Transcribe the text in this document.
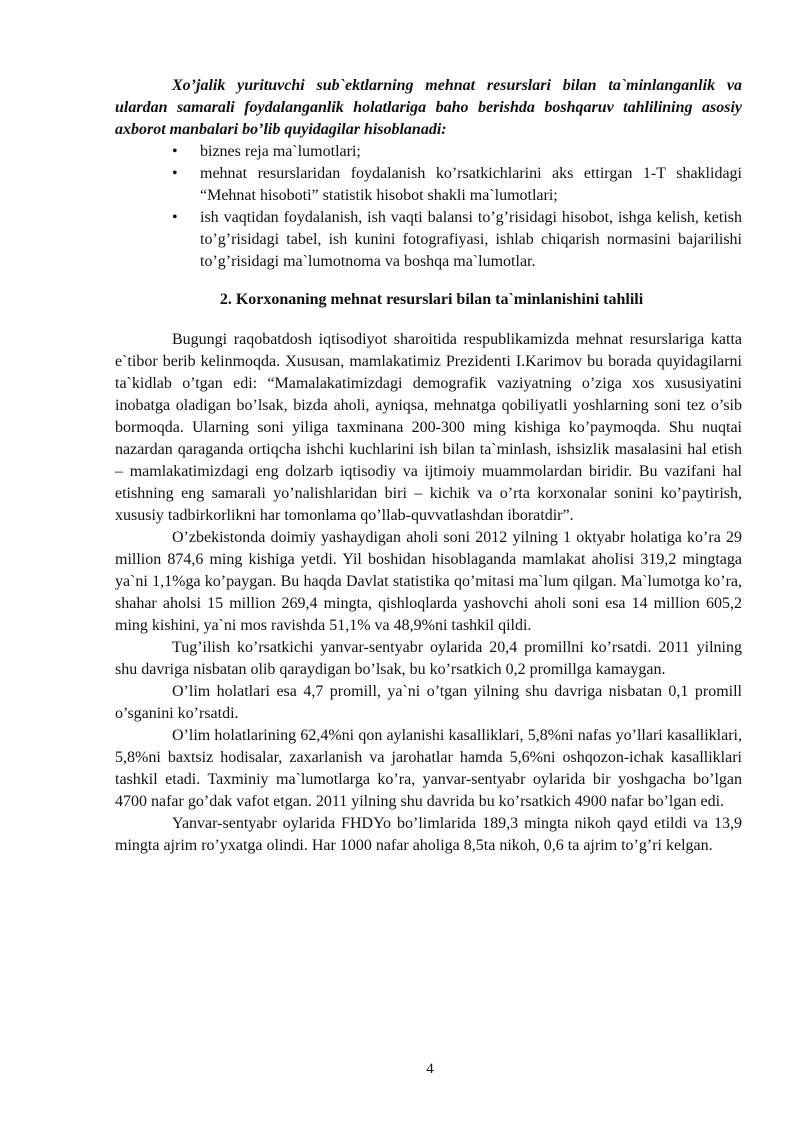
Xo’jalik yurituvchi sub`ektlarning mehnat resurslari bilan ta`minlanganlik va ulardan samarali foydalanganlik holatlariga baho berishda boshqaruv tahlilining asosiy axborot manbalari bo’lib quyidagilar hisoblanadi:

• biznes reja ma`lumotlari;
• mehnat resurslaridan foydalanish ko’rsatkichlarini aks ettirgan 1-T shaklidagi “Mehnat hisoboti” statistik hisobot shakli ma`lumotlari;
• ish vaqtidan foydalanish, ish vaqti balansi to’g’risidagi hisobot, ishga kelish, ketish to’g’risidagi tabel, ish kunini fotografiyasi, ishlab chiqarish normasini bajarilishi to’g’risidagi ma`lumotnoma va boshqa ma`lumotlar.
2. Korxonaning mehnat resurslari bilan ta`minlanishini tahlili

Bugungi raqobatdosh iqtisodiyot sharoitida respublikamizda mehnat resurslariga katta e`tibor berib kelinmoqda. Xususan, mamlakatimiz Prezidenti I.Karimov bu borada quyidagilarni ta`kidlab o’tgan edi: “Mamalakatimizdagi demografik vaziyatning o’ziga xos xususiyatini inobatga oladigan bo’lsak, bizda aholi, ayniqsa, mehnatga qobiliyatli yoshlarning soni tez o’sib bormoqda. Ularning soni yiliga taxminana 200-300 ming kishiga ko’paymoqda. Shu nuqtai nazardan qaraganda ortiqcha ishchi kuchlarini ish bilan ta`minlash, ishsizlik masalasini hal etish – mamlakatimizdagi eng dolzarb iqtisodiy va ijtimoiy muammolardan biridir. Bu vazifani hal etishning eng samarali yo’nalishlaridan biri – kichik va o’rta korxonalar sonini ko’paytirish, xususiy tadbirkorlikni har tomonlama qo’llab-quvvatlashdan iboratdir”.

O’zbekistonda doimiy yashaydigan aholi soni 2012 yilning 1 oktyabr holatiga ko’ra 29 million 874,6 ming kishiga yetdi. Yil boshidan hisoblaganda mamlakat aholisi 319,2 mingtaga ya`ni 1,1%ga ko’paygan. Bu haqda Davlat statistika qo’mitasi ma`lum qilgan. Ma`lumotga ko’ra, shahar aholsi 15 million 269,4 mingta, qishloqlarda yashovchi aholi soni esa 14 million 605,2 ming kishini, ya`ni mos ravishda 51,1% va 48,9%ni tashkil qildi.

Tug’ilish ko’rsatkichi yanvar-sentyabr oylarida 20,4 promillni ko’rsatdi. 2011 yilning shu davriga nisbatan olib qaraydigan bo’lsak, bu ko’rsatkich 0,2 promillga kamaygan.

O’lim holatlari esa 4,7 promill, ya`ni o’tgan yilning shu davriga nisbatan 0,1 promill o’sganini ko’rsatdi.

O’lim holatlarining 62,4%ni qon aylanishi kasalliklari, 5,8%ni nafas yo’llari kasalliklari, 5,8%ni baxtsiz hodisalar, zaxarlanish va jarohatlar hamda 5,6%ni oshqozon-ichak kasalliklari tashkil etadi. Taxminiy ma`lumotlarga ko’ra, yanvar-sentyabr oylarida bir yoshgacha bo’lgan 4700 nafar go’dak vafot etgan. 2011 yilning shu davrida bu ko’rsatkich 4900 nafar bo’lgan edi.

Yanvar-sentyabr oylarida FHDYo bo’limlarida 189,3 mingta nikoh qayd etildi va 13,9 mingta ajrim ro’yxatga olindi. Har 1000 nafar aholiga 8,5ta nikoh, 0,6 ta ajrim to’g’ri kelgan.

4
